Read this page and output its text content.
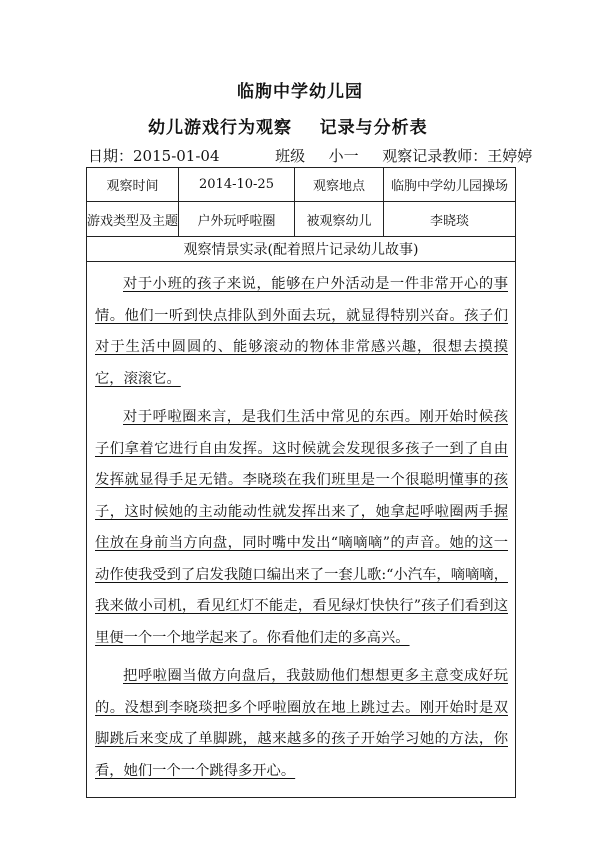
临朐中学幼儿园
幼儿游戏行为观察    记录与分析表
日期：2015-01-04	班级 小一 观察记录教师：王婷婷
观察时间	2014-10-25	观察地点	临朐中学幼儿园操场
游戏类型及主题	户外玩呼啦圈	被观察幼儿	李晓琰
观察情景实录(配着照片记录幼儿故事)			

对于小班的孩子来说，能够在户外活动是一件非常开心的事情。他们一听到快点排队到外面去玩，就显得特别兴奋。孩子们对于生活中圆圆的、能够滚动的物体非常感兴趣，很想去摸摸它，滚滚它。

对于呼啦圈来言，是我们生活中常见的东西。刚开始时候孩子们拿着它进行自由发挥。这时候就会发现很多孩子一到了自由发挥就显得手足无错。李晓琰在我们班里是一个很聪明懂事的孩子，这时候她的主动能动性就发挥出来了，她拿起呼啦圈两手握住放在身前当方向盘，同时嘴中发出“嘀嘀嘀”的声音。她的这一动作使我受到了启发我随口编出来了一套儿歌:“小汽车，嘀嘀嘀，我来做小司机，看见红灯不能走，看见绿灯快快行”孩子们看到这里便一个一个地学起来了。你看他们走的多高兴。

把呼啦圈当做方向盘后，我鼓励他们想想更多主意变成好玩的。没想到李晓琰把多个呼啦圈放在地上跳过去。刚开始时是双脚跳后来变成了单脚跳，越来越多的孩子开始学习她的方法，你看，她们一个一个跳得多开心。			
